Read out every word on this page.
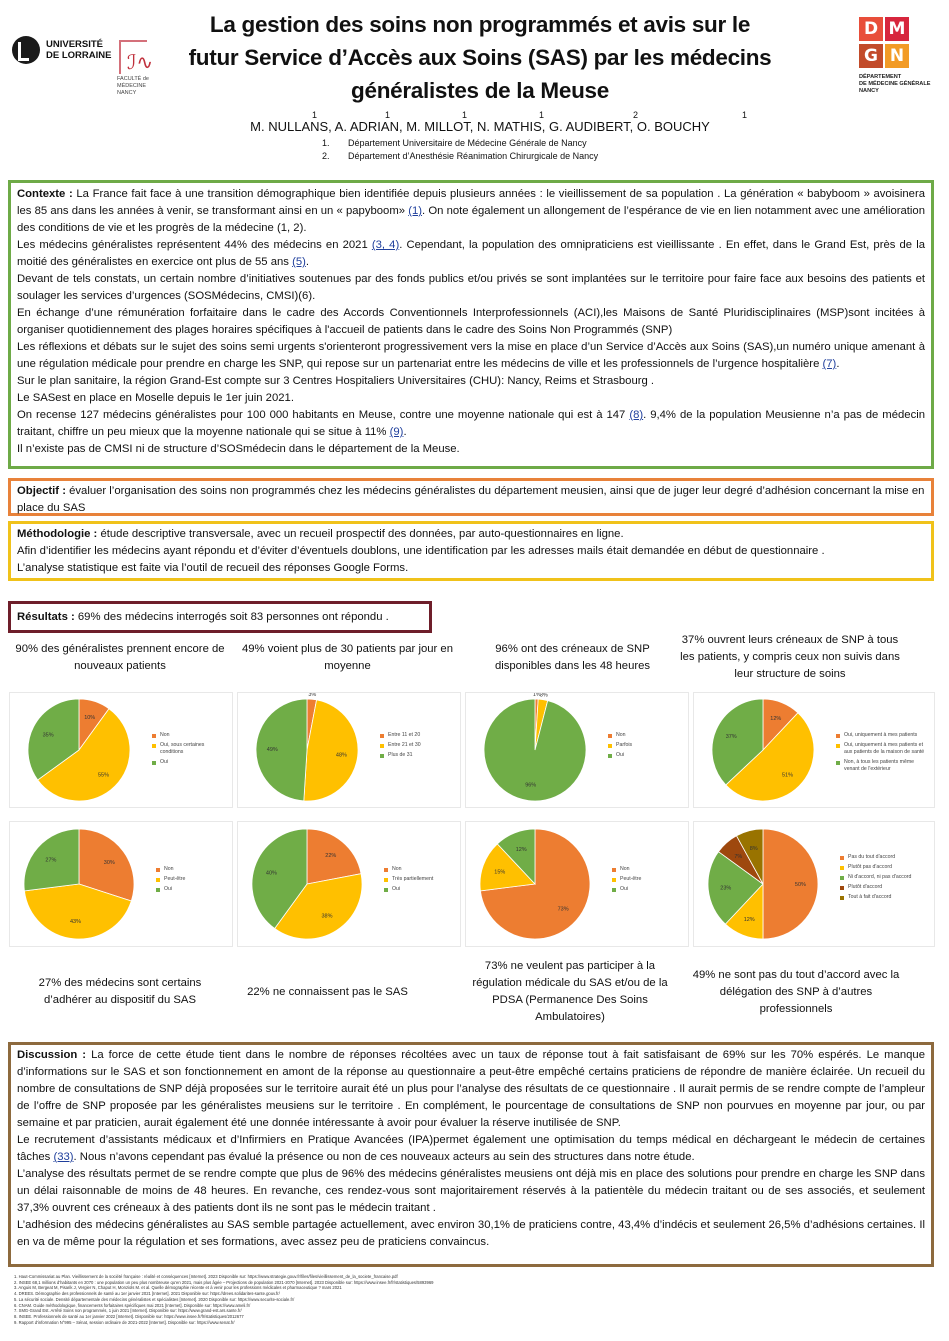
UNIVERSITÉ DE LORRAINE ℐ∿
FACULTÉ de MÉDECINE
NANCY
La gestion des soins non programmés et avis sur le
futur Service d’Accès aux Soins (SAS) par les médecins
généralistes de la Meuse
D M
G N
DÉPARTEMENT
DE MÉDECINE GÉNÉRALE
NANCY
M. NULLANS, A. ADRIAN, M. MILLOT, N. MATHIS, G. AUDIBERT, O. BOUCHY
1	1	1	1	2	1
1. Département Universitaire de Médecine Générale de Nancy
2. Département d’Anesthésie Réanimation Chirurgicale de Nancy

Contexte : La France fait face à une transition démographique bien identifiée depuis plusieurs années : le vieillissement de sa population . La génération « babyboom » avoisinera les 85 ans dans les années à venir, se transformant ainsi en un « papyboom» (1). On note également un allongement de l’espérance de vie en lien notamment avec une amélioration des conditions de vie et les progrès de la médecine (1, 2).

Les médecins généralistes représentent 44% des médecins en 2021 (3, 4). Cependant, la population des omnipraticiens est vieillissante . En effet, dans le Grand Est, près de la moitié des généralistes en exercice ont plus de 55 ans (5).

Devant de tels constats, un certain nombre d’initiatives soutenues par des fonds publics et/ou privés se sont implantées sur le territoire pour faire face aux besoins des patients et soulager les services d’urgences (SOSMédecins, CMSI)(6).

En échange d’une rémunération forfaitaire dans le cadre des Accords Conventionnels Interprofessionnels (ACI),les Maisons de Santé Pluridisciplinaires (MSP)sont incitées à organiser quotidiennement des plages horaires spécifiques à l'accueil de patients dans le cadre des Soins Non Programmés (SNP)

Les réflexions et débats sur le sujet des soins semi urgents s'orienteront progressivement vers la mise en place d’un Service d’Accès aux Soins (SAS),un numéro unique amenant à une régulation médicale pour prendre en charge les SNP, qui repose sur un partenariat entre les médecins de ville et les professionnels de l’urgence hospitalière (7).

Sur le plan sanitaire, la région Grand-Est compte sur 3 Centres Hospitaliers Universitaires (CHU): Nancy, Reims et Strasbourg .

Le SASest en place en Moselle depuis le 1er juin 2021.

On recense 127 médecins généralistes pour 100 000 habitants en Meuse, contre une moyenne nationale qui est à 147 (8). 9,4% de la population Meusienne n’a pas de médecin traitant, chiffre un peu mieux que la moyenne nationale qui se situe à 11% (9).

Il n’existe pas de CMSI ni de structure d’SOSmédecin dans le département de la Meuse.

Objectif : évaluer l’organisation des soins non programmés chez les médecins généralistes du département meusien, ainsi que de juger leur degré d’adhésion concernant la mise en place du SAS

Méthodologie : étude descriptive transversale, avec un recueil prospectif des données, par auto-questionnaires en ligne.

Afin d’identifier les médecins ayant répondu et d’éviter d’éventuels doublons, une identification par les adresses mails était demandée en début de questionnaire .

L’analyse statistique est faite via l’outil de recueil des réponses Google Forms.

Résultats : 69% des médecins interrogés soit 83 personnes ont répondu .

90% des généralistes prennent encore de nouveaux patients
49% voient plus de 30 patients par jour en moyenne
96% ont des créneaux de SNP disponibles dans les 48 heures
37% ouvrent leurs créneaux de SNP à tous les patients, y compris ceux non suivis dans leur structure de soins
10%
55%
35%	Non
Oui, sous certaines conditions
Oui
3%
48%
49%
Entre 11 et 20
Entre 21 et 30
Plus de 31
1% 3%
96%
Non
Parfois
Oui
12%
51%
37%	Oui, uniquement à mes patients
Oui, uniquement à mes patients et aux patients de la maison de santé
Non, à tous les patients même venant de l'extérieur
30%
43%
27%
Non
Peut-être
Oui
22%
38%
40%
Non
Très partiellement
Oui
73%
15%
12%
Non
Peut-être
Oui
50%
12%
23%
7%
8%
Pas du tout d'accord
Plutôt pas d'accord
Ni d'accord, ni pas d'accord
Plutôt d'accord
Tout à fait d'accord
27% des médecins sont certains d’adhérer au dispositif du SAS
22% ne connaissent pas le SAS
73% ne veulent pas participer à la régulation médicale du SAS et/ou de la PDSA (Permanence Des Soins Ambulatoires)
49% ne sont pas du tout d’accord avec la délégation des SNP à d’autres professionnels

Discussion : La force de cette étude tient dans le nombre de réponses récoltées avec un taux de réponse tout à fait satisfaisant de 69% sur les 70% espérés. Le manque d’informations sur le SAS et son fonctionnement en amont de la réponse au questionnaire a peut-être empêché certains praticiens de répondre de manière éclairée. Un recueil du nombre de consultations de SNP déjà proposées sur le territoire aurait été un plus pour l’analyse des résultats de ce questionnaire . Il aurait permis de se rendre compte de l’ampleur de l’offre de SNP proposée par les généralistes meusiens sur le territoire . En complément, le pourcentage de consultations de SNP non pourvues en moyenne par jour, ou par semaine et par praticien, aurait également été une donnée intéressante à avoir pour évaluer la réserve inutilisée de SNP.

Le recrutement d’assistants médicaux et d’Infirmiers en Pratique Avancées (IPA)permet également une optimisation du temps médical en déchargeant le médecin de certaines tâches (33). Nous n’avons cependant pas évalué la présence ou non de ces nouveaux acteurs au sein des structures dans notre étude.

L’analyse des résultats permet de se rendre compte que plus de 96% des médecins généralistes meusiens ont déjà mis en place des solutions pour prendre en charge les SNP dans un délai raisonnable de moins de 48 heures. En revanche, ces rendez-vous sont majoritairement réservés à la patientèle du médecin traitant ou de ses associés, et seulement 37,3% ouvrent ces créneaux à des patients dont ils ne sont pas le médecin traitant .

L’adhésion des médecins généralistes au SAS semble partagée actuellement, avec environ 30,1% de praticiens contre, 43,4% d’indécis et seulement 26,5% d’adhésions certaines. Il en va de même pour la régulation et ses formations, avec assez peu de praticiens convaincus.

1. Haut-Commissariat au Plan. Vieillissement de la société française : réalité et conséquences [Internet]. 2023 Disponible sur: https://www.strategie.gouv.fr/files/files/vieillissement_de_la_societe_francaise.pdf
2. INSEE 68,1 millions d’habitants en 2070 : une population un peu plus nombreuse qu’en 2021, mais plus âgée – Projections de population 2021-2070 [Internet]. 2023 Disponible sur: https://www.insee.fr/fr/statistiques/5893969
3. Anguis M, Bergeat M, Pisarik J, Vergier N, Chaput H, Monziols M. et al. Quelle démographie récente et à venir pour les professions médicales et pharmaceutique ? mars 2021
4. DREES. Démographie des professionnels de santé au 1er janvier 2021 [Internet]. 2021 Disponible sur: https://drees.solidarites-sante.gouv.fr/
5. La sécurité sociale. Densité départementale des médecins généralistes et spécialistes [Internet]. 2020 Disponible sur: https://www.securite-sociale.fr/
6. CNAM. Guide méthodologique, financements forfaitaires spécifiques mai 2021 [Internet]. Disponible sur: https://www.ameli.fr/
7. SMG-Grand Est. Arrêté Soins non programmés, 1 juin 2021 [Internet]. Disponible sur: https://www.grand-est.ars.sante.fr/
8. INSEE. Professionnels de santé au 1er janvier 2022 [Internet]. Disponible sur: https://www.insee.fr/fr/statistiques/2012677
9. Rapport d'information N°995 – Sénat, session ordinaire de 2021-2022 [Internet]. Disponible sur: https://www.senat.fr/
